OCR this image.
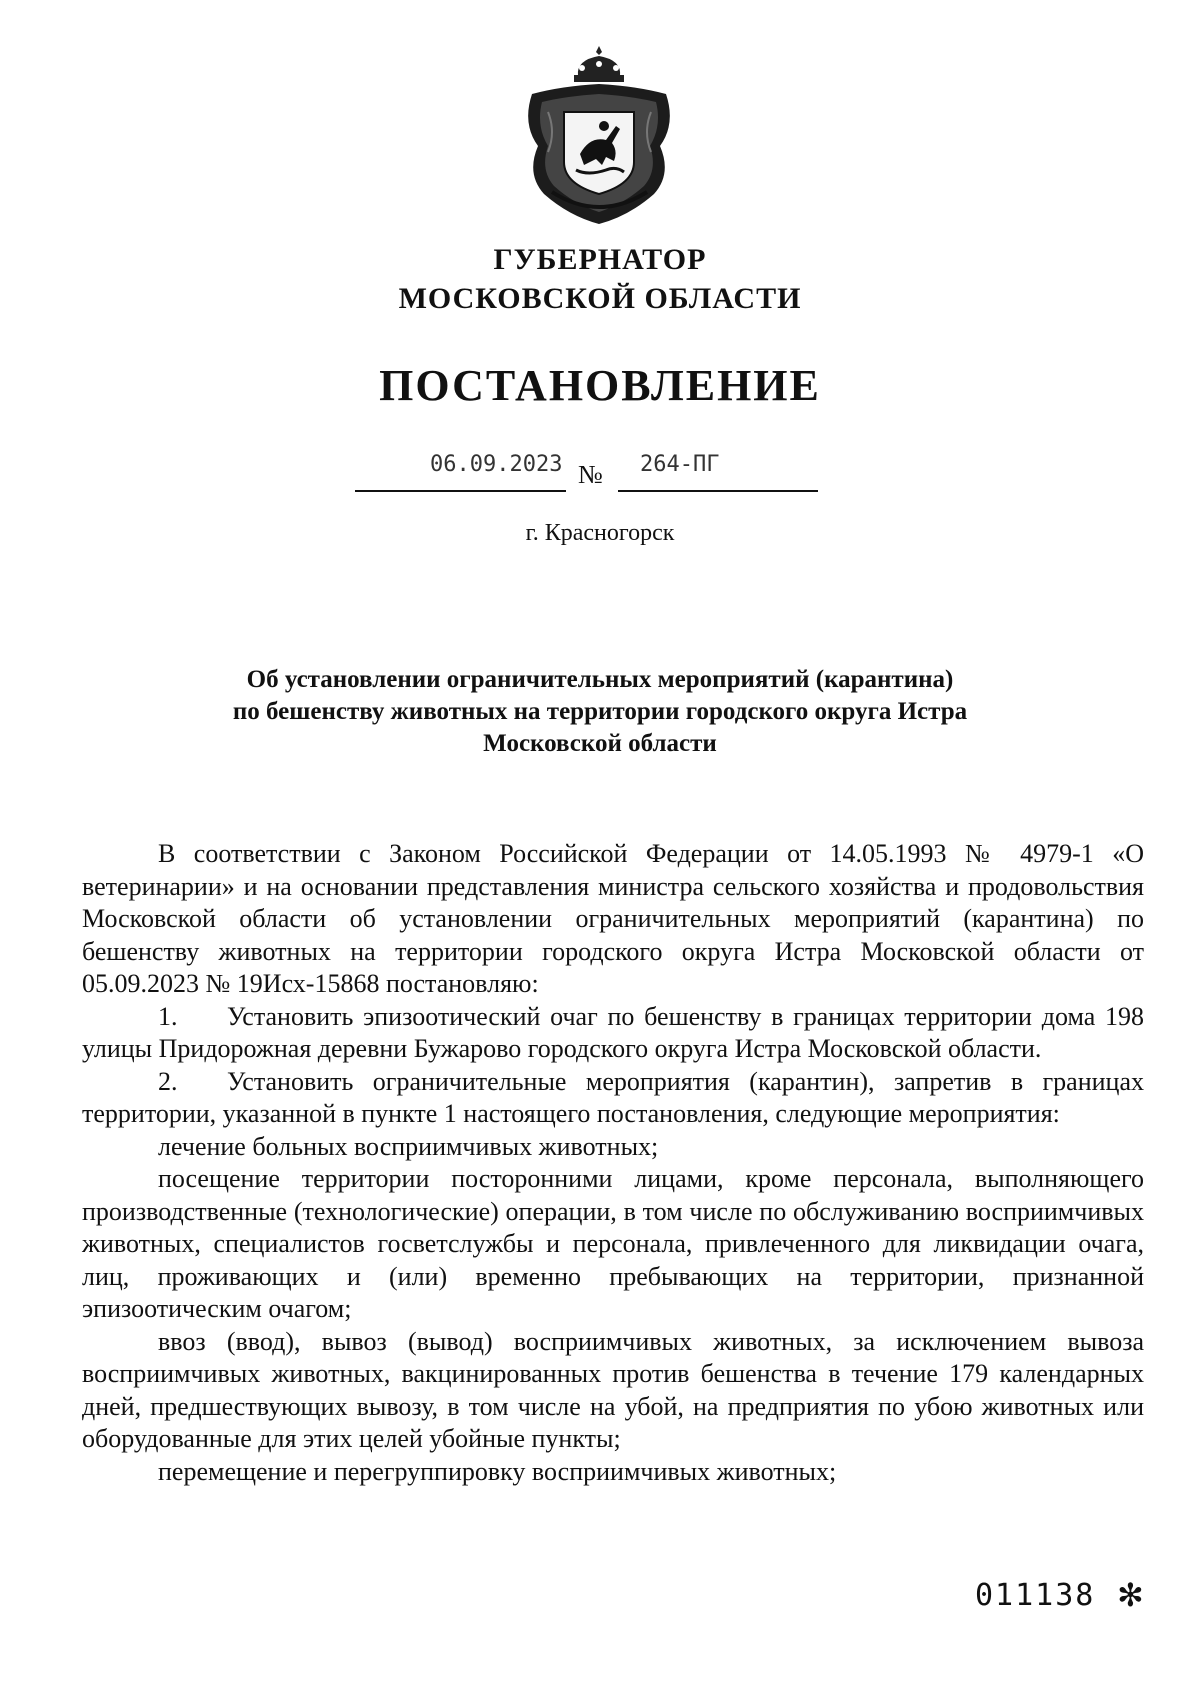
ГУБЕРНАТОР
МОСКОВСКОЙ ОБЛАСТИ
ПОСТАНОВЛЕНИЕ
06.09.2023 № 264-ПГ
г. Красногорск
Об установлении ограничительных мероприятий (карантина)
по бешенству животных на территории городского округа Истра
Московской области

В соответствии с Законом Российской Федерации от 14.05.1993 № 4979-1 «О ветеринарии» и на основании представления министра сельского хозяйства и продовольствия Московской области об установлении ограничительных мероприятий (карантина) по бешенству животных на территории городского округа Истра Московской области от 05.09.2023 № 19Исх-15868 постановляю:

1. Установить эпизоотический очаг по бешенству в границах территории дома 198 улицы Придорожная деревни Бужарово городского округа Истра Московской области.

2. Установить ограничительные мероприятия (карантин), запретив в границах территории, указанной в пункте 1 настоящего постановления, следующие мероприятия:

лечение больных восприимчивых животных;

посещение территории посторонними лицами, кроме персонала, выполняющего производственные (технологические) операции, в том числе по обслуживанию восприимчивых животных, специалистов госветслужбы и персонала, привлеченного для ликвидации очага, лиц, проживающих и (или) временно пребывающих на территории, признанной эпизоотическим очагом;

ввоз (ввод), вывоз (вывод) восприимчивых животных, за исключением вывоза восприимчивых животных, вакцинированных против бешенства в течение 179 календарных дней, предшествующих вывозу, в том числе на убой, на предприятия по убою животных или оборудованные для этих целей убойные пункты;

перемещение и перегруппировку восприимчивых животных;

011138 ✻
